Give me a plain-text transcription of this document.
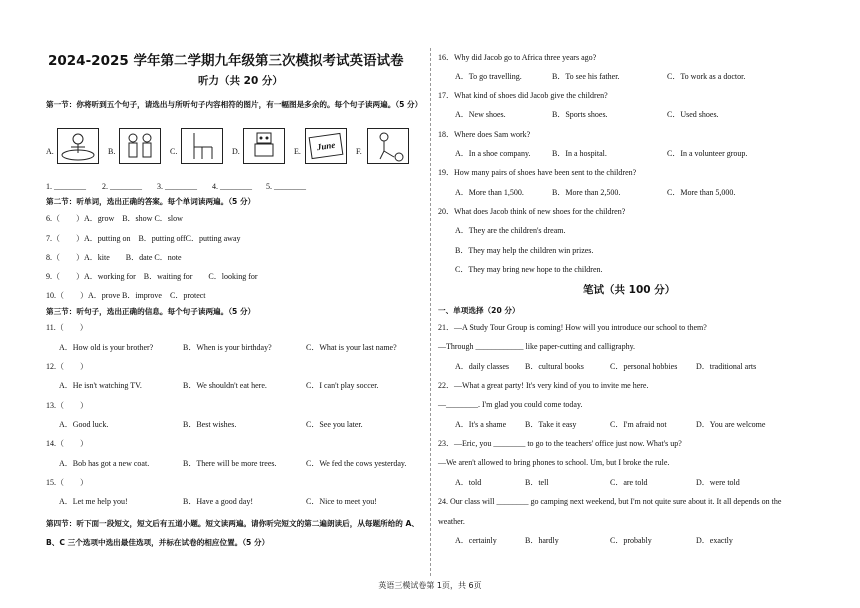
2024-2025 学年第二学期九年级第三次模拟考试英语试卷
听力（共 20 分）
第一节：你将听到五个句子，请选出与所听句子内容相符的图片，有一幅图是多余的。每个句子读两遍。（5 分）
A.	B.	C.	D.	E.	June	F.
1. ________ 2. ________ 3. ________ 4. ________ 5. ________
第二节：听单词，选出正确的答案。每个单词读两遍。（5 分）
6.（　　）A．grow　B．show C．slow
7.（　　）A．putting on　B．putting offC．putting away
8.（　　）A．kite　　B．date C．note
9.（　　）A．working for　B．waiting for　　C．looking for
10.（　　）A．prove B．improve　C．protect
第三节：听句子，选出正确的信息。每个句子读两遍。（5 分）
11.（　　）
A．How old is your brother?	B．When is your birthday?	C．What is your last name?
12.（　　）
A．He isn't watching TV.	B．We shouldn't eat here.	C．I can't play soccer.
13.（　　）
A．Good luck.	B．Best wishes.	C．See you later.
14.（　　）
A．Bob has got a new coat.	B．There will be more trees.	C．We fed the cows yesterday.
15.（　　）
A．Let me help you!	B．Have a good day!	C．Nice to meet you!
第四节：听下面一段短文，短文后有五道小题。短文读两遍。请你听完短文的第二遍朗读后，从每题所给的 A、B、C 三个选项中选出最佳选项，并标在试卷的相应位置。（5 分）
16．Why did Jacob go to Africa three years ago?
A．To go travelling.	B．To see his father.	C．To work as a doctor.
17．What kind of shoes did Jacob give the children?
A．New shoes.	B．Sports shoes.	C．Used shoes.
18．Where does Sam work?
A．In a shoe company.	B．In a hospital.	C．In a volunteer group.
19．How many pairs of shoes have been sent to the children?
A．More than 1,500.	B．More than 2,500.	C．More than 5,000.
20．What does Jacob think of new shoes for the children?
A．They are the children's dream.
B．They may help the children win prizes.
C．They may bring new hope to the children.
笔试（共 100 分）
一、单项选择（20 分）
21．—A Study Tour Group is coming! How will you introduce our school to them?
—Through ____________ like paper-cutting and calligraphy.
A．daily classes B．cultural books	C．personal hobbies D．traditional arts
22．—What a great party! It's very kind of you to invite me here.
—________. I'm glad you could come today.
A．It's a shame B．Take it easy	C．I'm afraid not	D．You are welcome
23．—Eric, you ________ to go to the teachers' office just now. What's up?
—We aren't allowed to bring phones to school. Um, but I broke the rule.
A．told	B．tell	C．are told	D．were told
24. Our class will ________ go camping next weekend, but I'm not quite sure about it. It all depends on the
weather.
A．certainly	B．hardly	C．probably	D．exactly
英语三模试卷第 1页，共 6页
